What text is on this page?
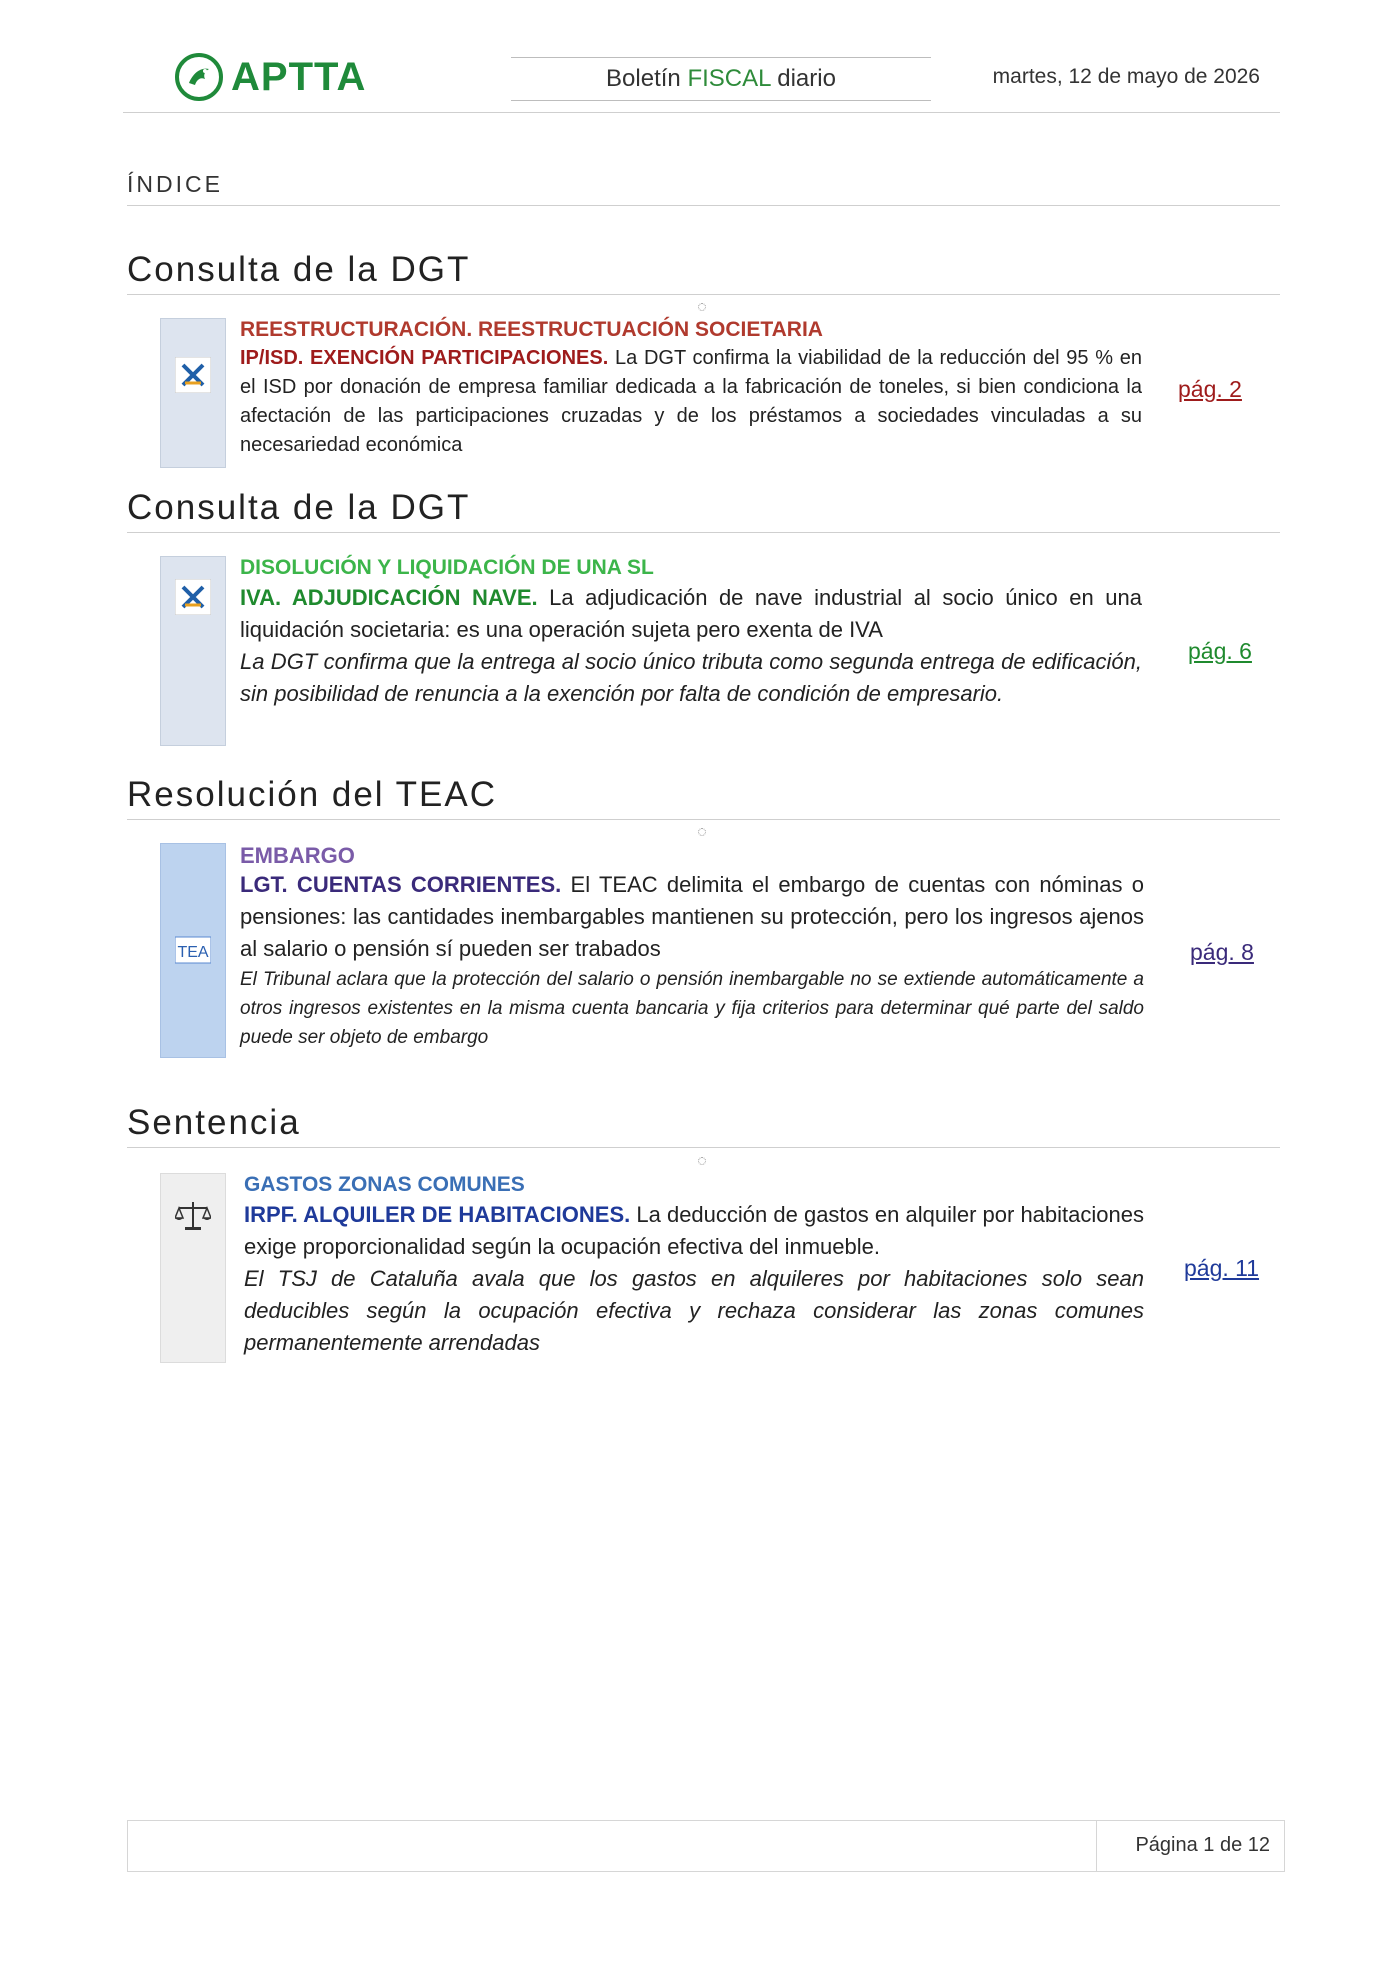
APTTA	Boletín FISCAL diario	martes, 12 de mayo de 2026
ÍNDICE
Consulta de la DGT
REESTRUCTURACIÓN. REESTRUCTUACIÓN SOCIETARIA
IP/ISD. EXENCIÓN PARTICIPACIONES. La DGT confirma la viabilidad de la reducción del 95 % en el ISD por donación de empresa familiar dedicada a la fabricación de toneles, si bien condiciona la afectación de las participaciones cruzadas y de los préstamos a sociedades vinculadas a su necesariedad económica
pág. 2
Consulta de la DGT
DISOLUCIÓN Y LIQUIDACIÓN DE UNA SL
IVA. ADJUDICACIÓN NAVE. La adjudicación de nave industrial al socio único en una liquidación societaria: es una operación sujeta pero exenta de IVA
La DGT confirma que la entrega al socio único tributa como segunda entrega de edificación, sin posibilidad de renuncia a la exención por falta de condición de empresario.
pág. 6
Resolución del TEAC
TEA
EMBARGO
LGT. CUENTAS CORRIENTES. El TEAC delimita el embargo de cuentas con nóminas o pensiones: las cantidades inembargables mantienen su protección, pero los ingresos ajenos al salario o pensión sí pueden ser trabados
El Tribunal aclara que la protección del salario o pensión inembargable no se extiende automáticamente a otros ingresos existentes en la misma cuenta bancaria y fija criterios para determinar qué parte del saldo puede ser objeto de embargo
pág. 8
Sentencia
GASTOS ZONAS COMUNES
IRPF. ALQUILER DE HABITACIONES. La deducción de gastos en alquiler por habitaciones exige proporcionalidad según la ocupación efectiva del inmueble.
El TSJ de Cataluña avala que los gastos en alquileres por habitaciones solo sean deducibles según la ocupación efectiva y rechaza considerar las zonas comunes permanentemente arrendadas
pág. 11
Página 1 de 12
